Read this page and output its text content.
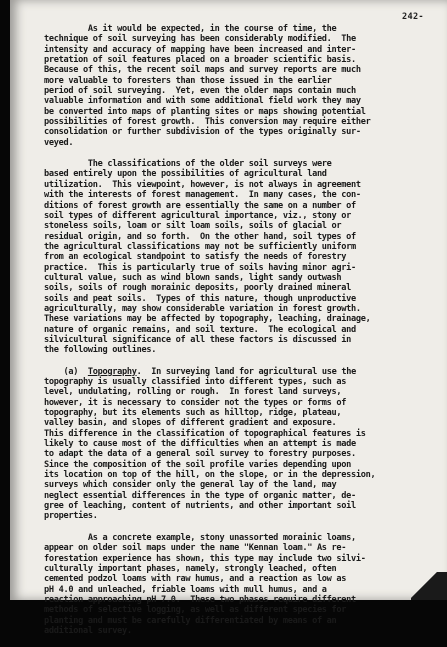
242-
As it would be expected, in the course of time, the
technique of soil surveying has been considerably modified.  The
intensity and accuracy of mapping have been increased and inter-
pretation of soil features placed on a broader scientific basis.
Because of this, the recent soil maps and survey reports are much
more valuable to foresters than those issued in the earlier
period of soil surveying.  Yet, even the older maps contain much
valuable information and with some additional field work they may
be converted into maps of planting sites or maps showing potential
possibilities of forest growth.  This conversion may require either
consolidation or further subdivision of the types originally sur-
veyed.
The classifications of the older soil surveys were
based entirely upon the possibilities of agricultural land
utilization.  This viewpoint, however, is not always in agreement
with the interests of forest management.  In many cases, the con-
ditions of forest growth are essentially the same on a number of
soil types of different agricultural importance, viz., stony or
stoneless soils, loam or silt loam soils, soils of glacial or
residual origin, and so forth.  On the other hand, soil types of
the agricultural classifications may not be sufficiently uniform
from an ecological standpoint to satisfy the needs of forestry
practice.  This is particularly true of soils having minor agri-
cultural value, such as wind blown sands, light sandy outwash
soils, soils of rough morainic deposits, poorly drained mineral
soils and peat soils.  Types of this nature, though unproductive
agriculturally, may show considerable variation in forest growth.
These variations may be affected by topography, leaching, drainage,
nature of organic remains, and soil texture.  The ecological and
silvicultural significance of all these factors is discussed in
the following outlines.
(a)  Topography.  In surveying land for agricultural use the
topography is usually classified into different types, such as
level, undulating, rolling or rough.  In forest land surveys,
however, it is necessary to consider not the types or forms of
topography, but its elements such as hilltop, ridge, plateau,
valley basin, and slopes of different gradient and exposure.
This difference in the classification of topographical features is
likely to cause most of the difficulties when an attempt is made
to adapt the data of a general soil survey to forestry purposes.
Since the composition of the soil profile varies depending upon
its location on top of the hill, on the slope, or in the depression,
surveys which consider only the general lay of the land, may
neglect essential differences in the type of organic matter, de-
gree of leaching, content of nutrients, and other important soil
properties.
As a concrete example, stony unassorted morainic loams,
appear on older soil maps under the name "Kennan loam." As re-
forestation experience has shown, this type may include two silvi-
culturally important phases, namely, strongly leached, often
cemented podzol loams with raw humus, and a reaction as low as
pH 4.0 and unleached, friable loams with mull humus, and a
reaction approaching pH 7.0.  These two phases require different
methods of selective logging, as well as different species for
planting and must be carefully differentiated by means of an
additional survey.
